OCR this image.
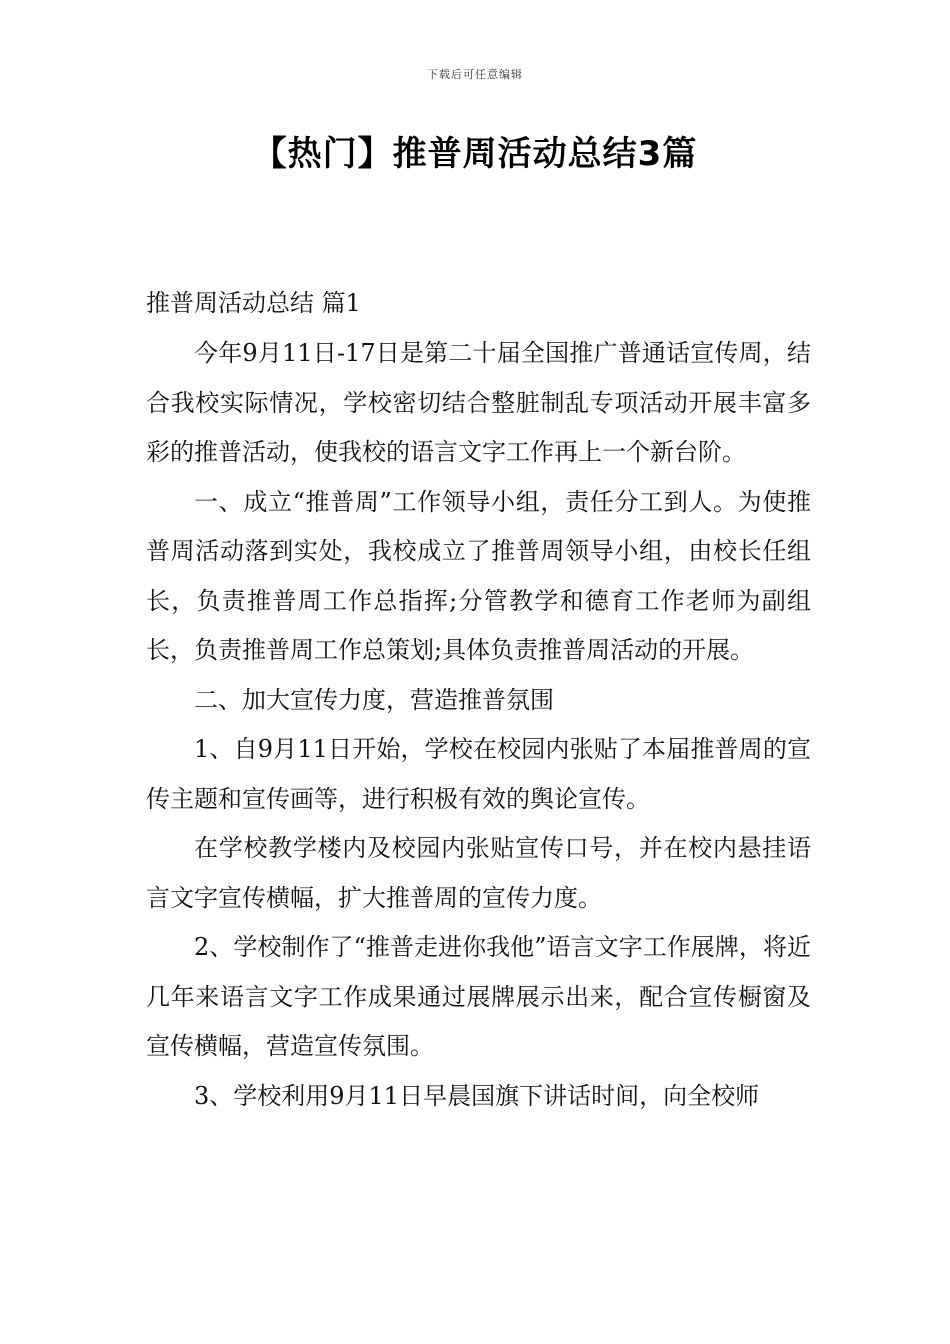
下载后可任意编辑
【热门】推普周活动总结3篇
推普周活动总结 篇1

今年9月11日-17日是第二十届全国推广普通话宣传周，结合我校实际情况，学校密切结合整脏制乱专项活动开展丰富多彩的推普活动，使我校的语言文字工作再上一个新台阶。

一、成立“推普周”工作领导小组，责任分工到人。为使推普周活动落到实处，我校成立了推普周领导小组，由校长任组长，负责推普周工作总指挥;分管教学和德育工作老师为副组长，负责推普周工作总策划;具体负责推普周活动的开展。

二、加大宣传力度，营造推普氛围

1、自9月11日开始，学校在校园内张贴了本届推普周的宣传主题和宣传画等，进行积极有效的舆论宣传。

在学校教学楼内及校园内张贴宣传口号，并在校内悬挂语言文字宣传横幅，扩大推普周的宣传力度。

2、学校制作了“推普走进你我他”语言文字工作展牌，将近几年来语言文字工作成果通过展牌展示出来，配合宣传橱窗及宣传横幅，营造宣传氛围。

3、学校利用9月11日早晨国旗下讲话时间，向全校师
